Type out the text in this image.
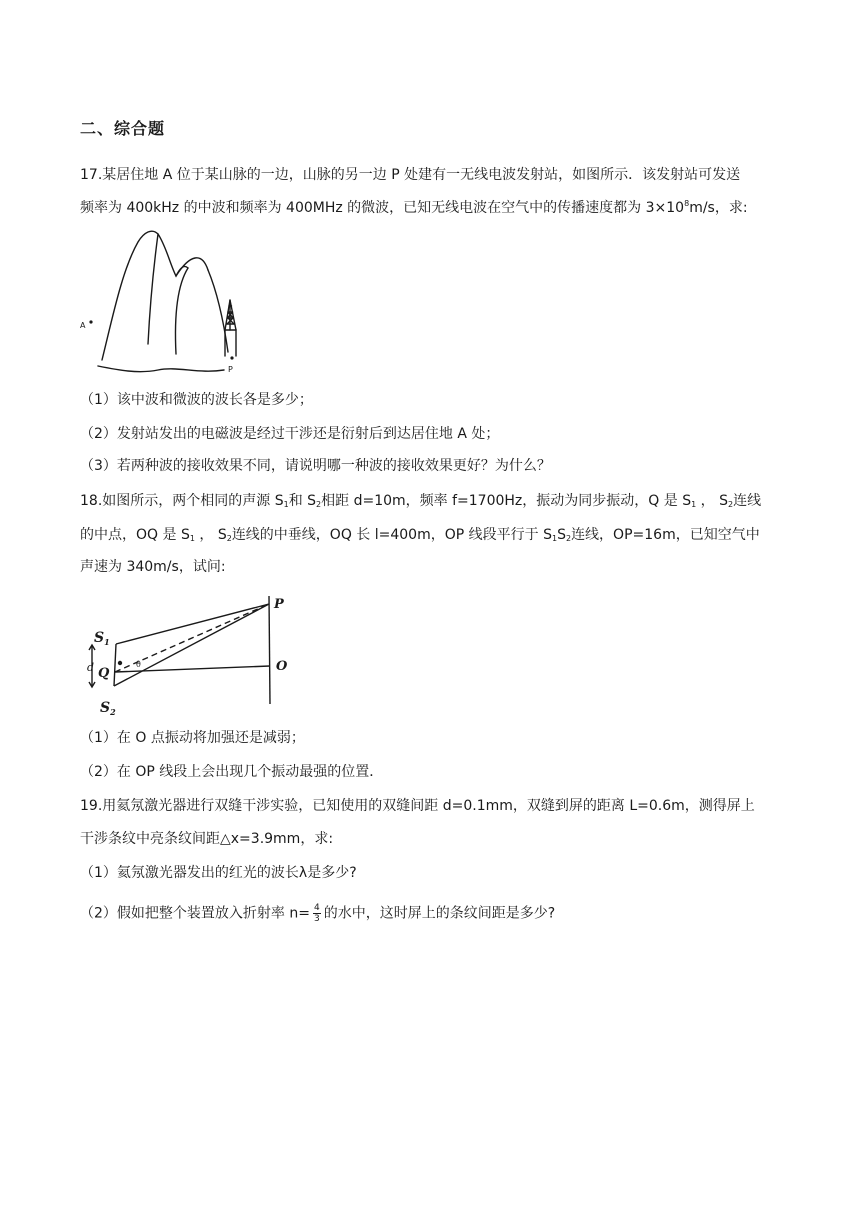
二、综合题
17.某居住地 A 位于某山脉的一边，山脉的另一边 P 处建有一无线电波发射站，如图所示．该发射站可发送
频率为 400kHz 的中波和频率为 400MHz 的微波，已知无线电波在空气中的传播速度都为 $3\times 10^8m/s$，求:
A
P
（1）该中波和微波的波长各是多少；
（2）发射站发出的电磁波是经过干涉还是衍射后到达居住地 A 处；
（3）若两种波的接收效果不同，请说明哪一种波的接收效果更好？为什么？
18.如图所示，两个相同的声源 $S_1$和 $S_2$相距 d=10m，频率 f=1700Hz，振动为同步振动，Q 是 $S_1$ ， $S_2$连线
的中点，OQ 是 $S_1$ ， $S_2$连线的中垂线，OQ 长 l=400m，OP 线段平行于 $S_1S_2$连线，OP=16m，已知空气中
声速为 340m/s，试问:
$S_1$
$S_2$
Q
d	O
P
θ
（1）在 O 点振动将加强还是减弱；
（2）在 OP 线段上会出现几个振动最强的位置．
19.用氦氖激光器进行双缝干涉实验，已知使用的双缝间距 d=0.1mm，双缝到屏的距离 L=0.6m，测得屏上
干涉条纹中亮条纹间距△x=3.9mm，求:
（1）氦氖激光器发出的红光的波长λ是多少?
（2）假如把整个装置放入折射率 $n= \frac{4}{3}$ 的水中，这时屏上的条纹间距是多少?
